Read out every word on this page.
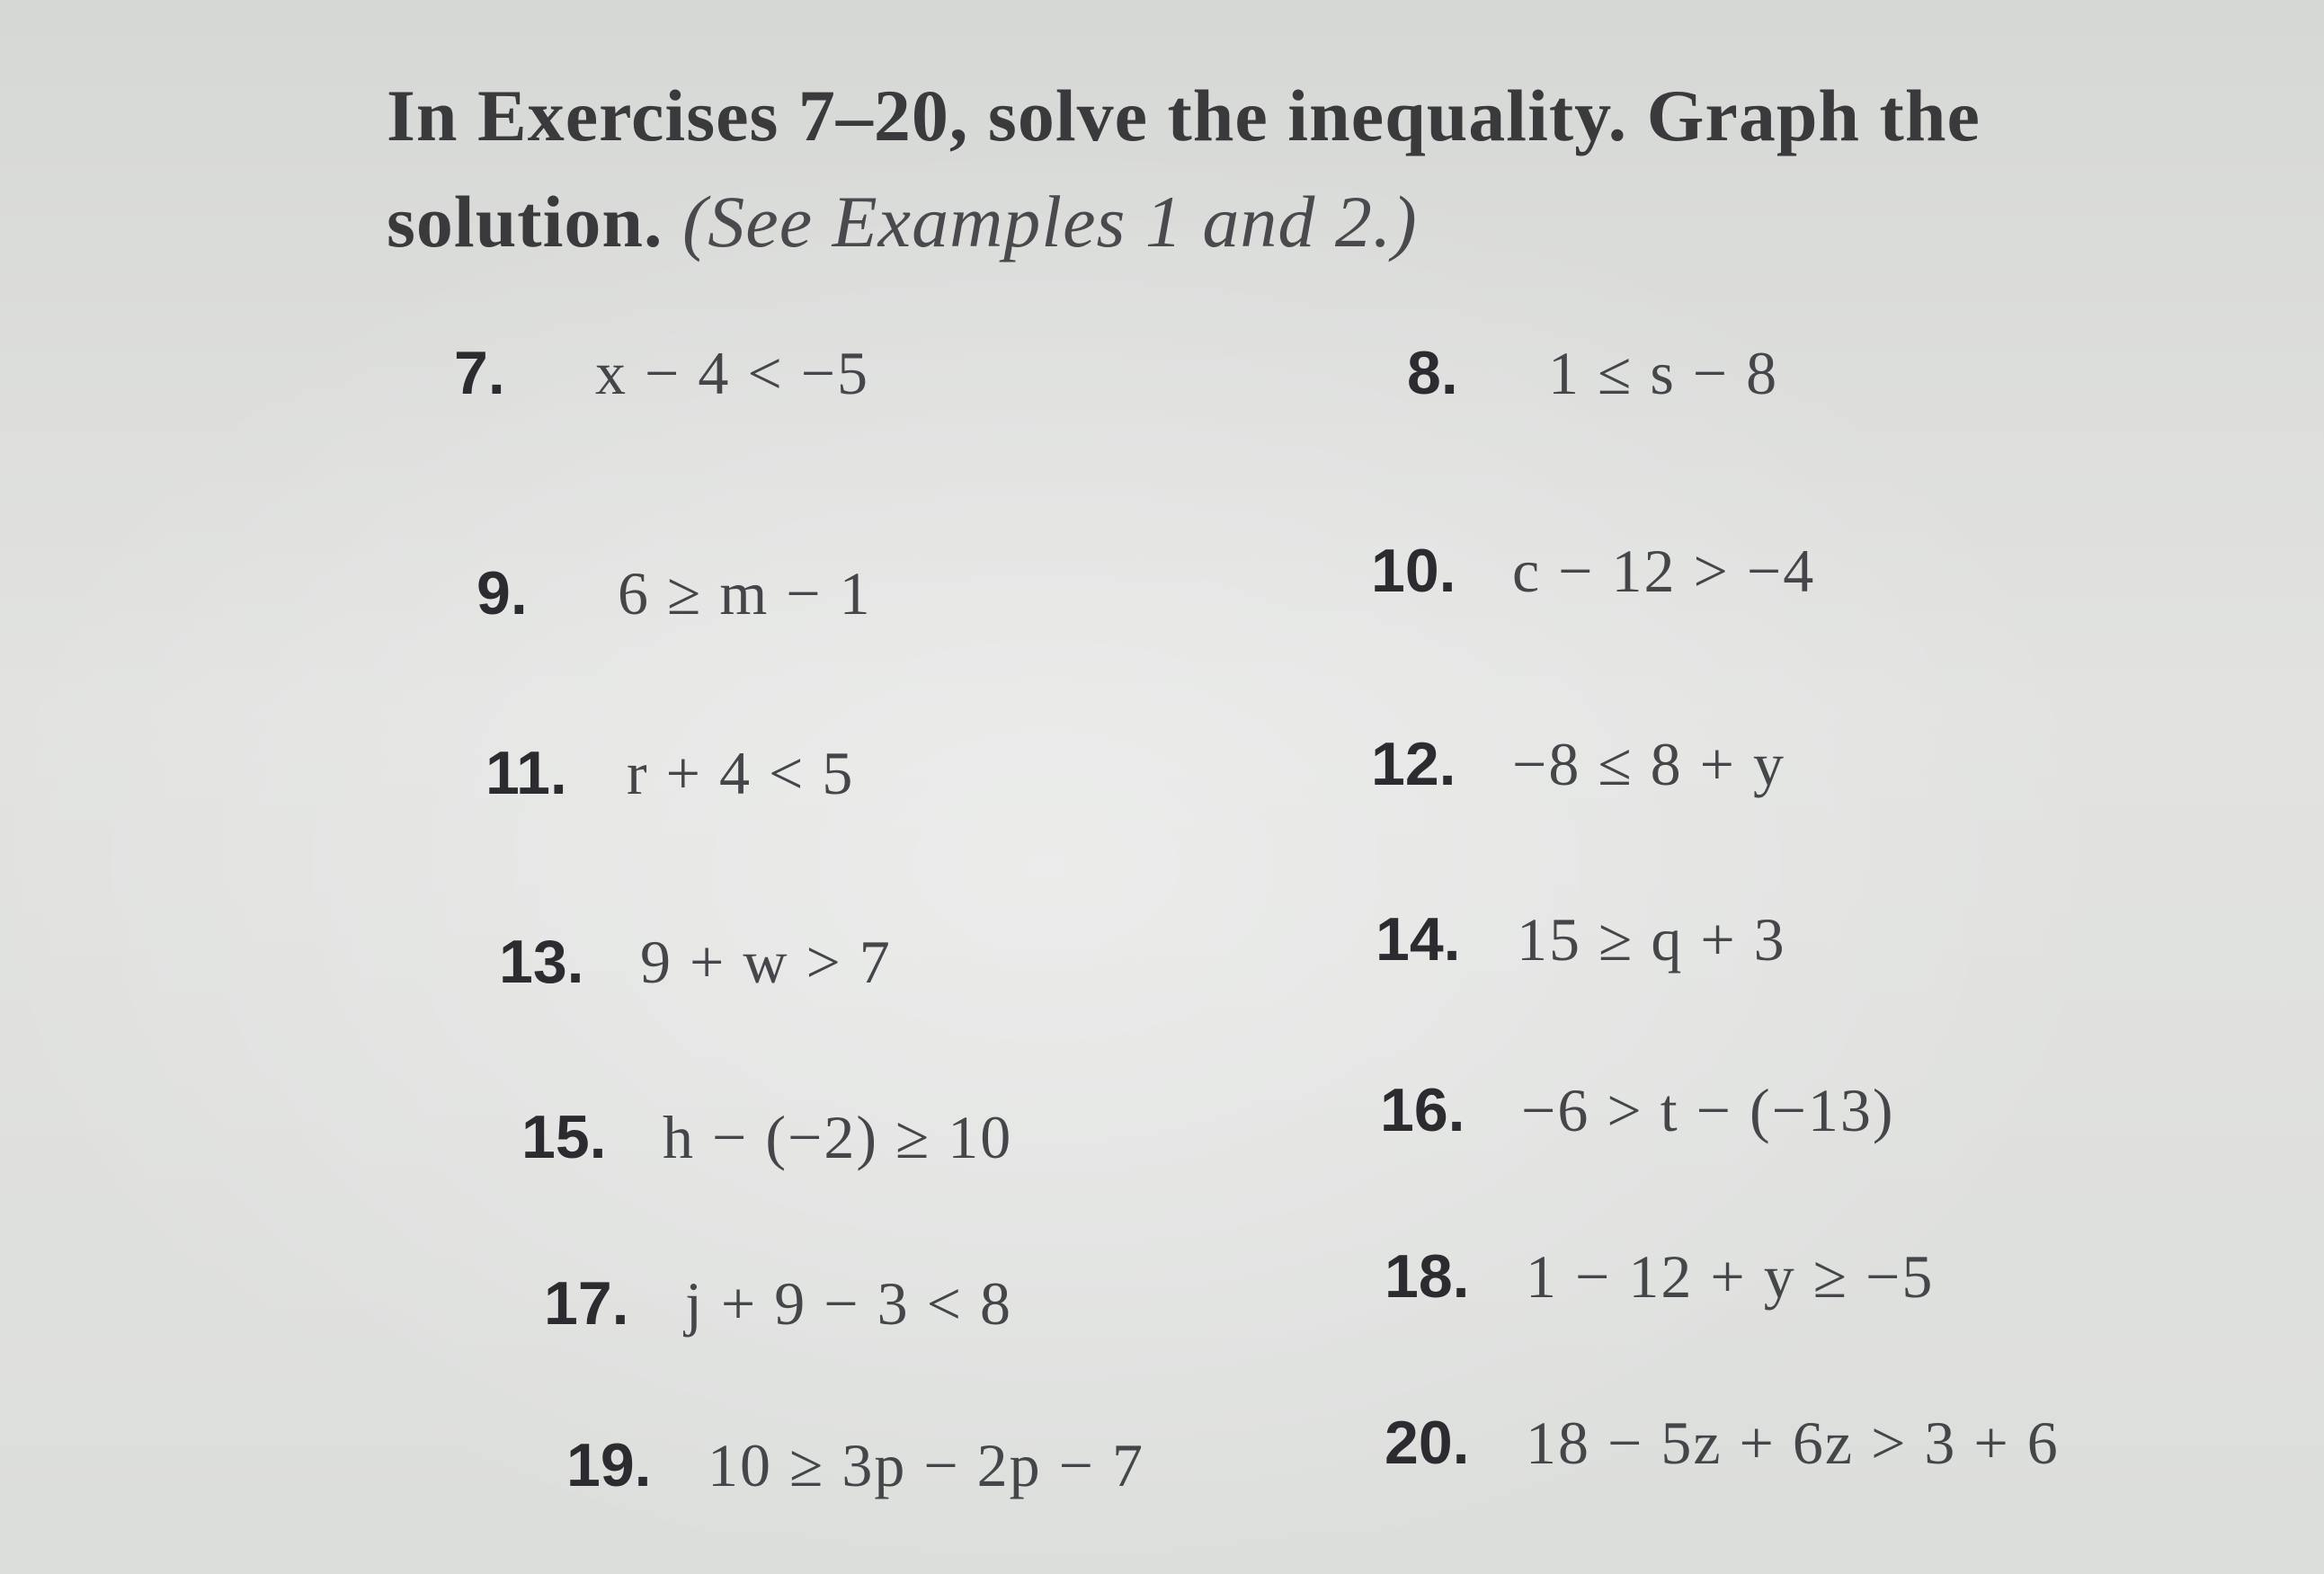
In Exercises 7–20, solve the inequality. Graph the solution. (See Examples 1 and 2.)
7. x − 4 < −5
9. 6 ≥ m − 1
11. r + 4 < 5
13. 9 + w > 7
15. h − (−2) ≥ 10
17. j + 9 − 3 < 8
19. 10 ≥ 3p − 2p − 7
8. 1 ≤ s − 8
10. c − 12 > −4
12. −8 ≤ 8 + y
14. 15 ≥ q + 3
16. −6 > t − (−13)
18. 1 − 12 + y ≥ −5
20. 18 − 5z + 6z > 3 + 6
